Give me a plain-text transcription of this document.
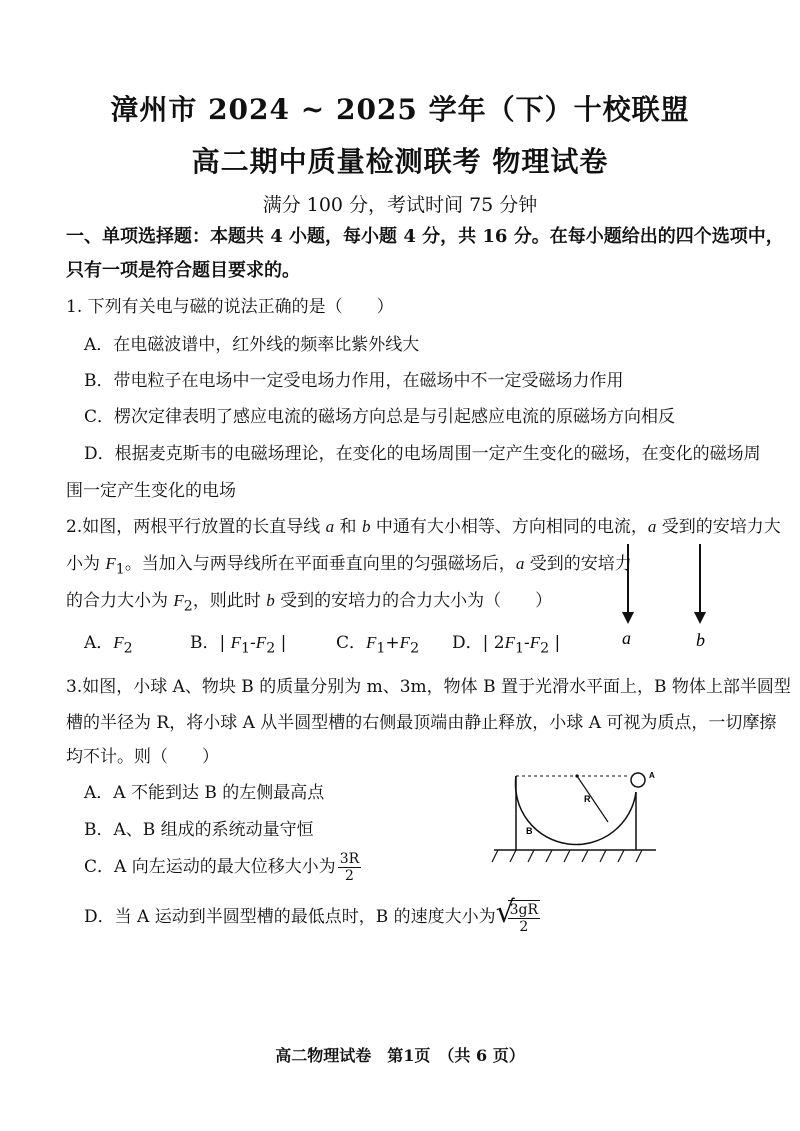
漳州市 2024 ~ 2025 学年（下）十校联盟
高二期中质量检测联考 物理试卷
满分 100 分，考试时间 75 分钟
一、单项选择题：本题共 4 小题，每小题 4 分，共 16 分。在每小题给出的四个选项中，
只有一项是符合题目要求的。
1. 下列有关电与磁的说法正确的是（　　）
A．在电磁波谱中，红外线的频率比紫外线大
B．带电粒子在电场中一定受电场力作用，在磁场中不一定受磁场力作用
C．楞次定律表明了感应电流的磁场方向总是与引起感应电流的原磁场方向相反
D．根据麦克斯韦的电磁场理论，在变化的电场周围一定产生变化的磁场，在变化的磁场周
围一定产生变化的电场
2.如图，两根平行放置的长直导线 a 和 b 中通有大小相等、方向相同的电流，a 受到的安培力大
小为 $F_1$。当加入与两导线所在平面垂直向里的匀强磁场后，a 受到的安培力
的合力大小为 $F_2$，则此时 b 受到的安培力的合力大小为（　　）
A．$F_2$	B．| $F_1-F_2$ |	C．$F_1+F_2$ D．| $2F_1-F_2$ |	a	b
3.如图，小球 A、物块 B 的质量分别为 m、3m，物体 B 置于光滑水平面上，B 物体上部半圆型
槽的半径为 R，将小球 A 从半圆型槽的右侧最顶端由静止释放，小球 A 可视为质点，一切摩擦
均不计。则（　　）
A．A 不能到达 B 的左侧最高点
B．A、B 组成的系统动量守恒
C．A 向左运动的最大位移大小为 $\frac{3R}{2}$
D．当 A 运动到半圆型槽的最低点时，B 的速度大小为 √
$\frac{3gR}{2}$
R
A
B
高二物理试卷　第1页　（共 6 页）
